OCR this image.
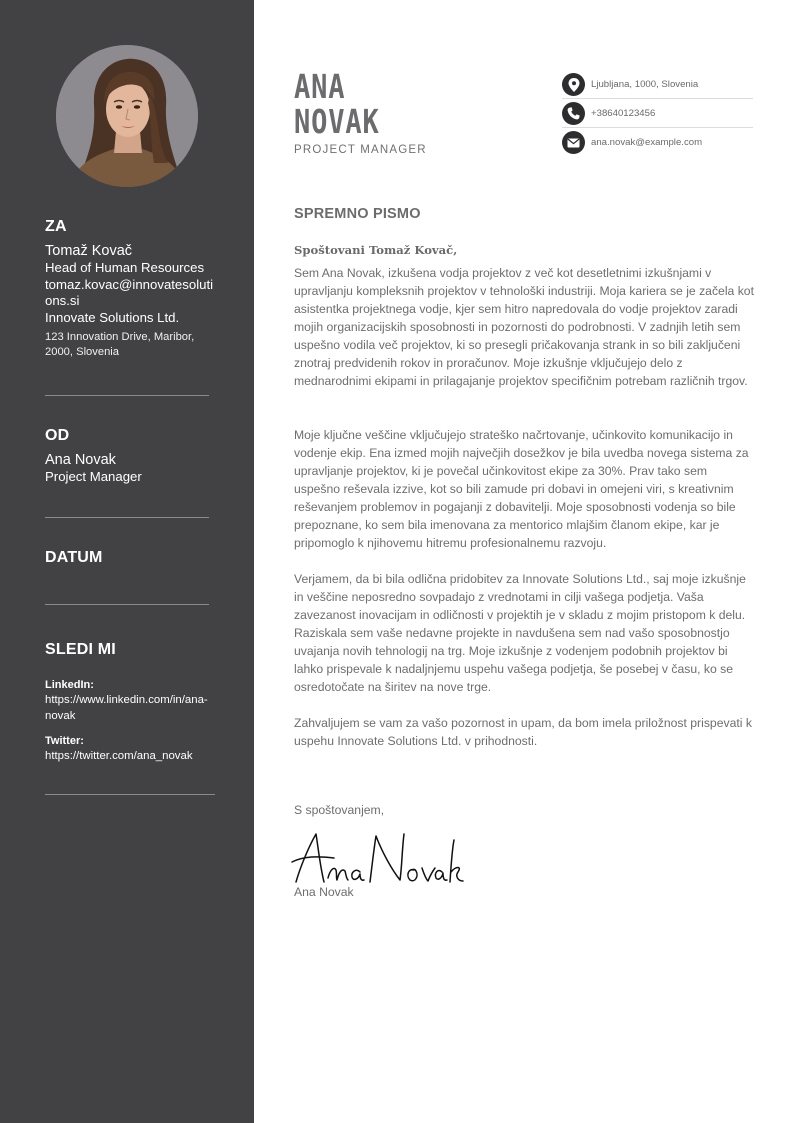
ZA
Tomaž Kovač
Head of Human Resources
tomaz.kovac@innovatesolutions.si
Innovate Solutions Ltd.
123 Innovation Drive, Maribor, 2000, Slovenia
OD
Ana Novak
Project Manager
DATUM
SLEDI MI
LinkedIn:
https://www.linkedin.com/in/ana-novak
Twitter:
https://twitter.com/ana_novak
ANA
NOVAK
PROJECT MANAGER
Ljubljana, 1000, Slovenia
+38640123456
ana.novak@example.com
SPREMNO PISMO
Spoštovani Tomaž Kovač,

Sem Ana Novak, izkušena vodja projektov z več kot desetletnimi izkušnjami v upravljanju kompleksnih projektov v tehnološki industriji. Moja kariera se je začela kot asistentka projektnega vodje, kjer sem hitro napredovala do vodje projektov zaradi mojih organizacijskih sposobnosti in pozornosti do podrobnosti. V zadnjih letih sem uspešno vodila več projektov, ki so presegli pričakovanja strank in so bili zaključeni znotraj predvidenih rokov in proračunov. Moje izkušnje vključujejo delo z mednarodnimi ekipami in prilagajanje projektov specifičnim potrebam različnih trgov.

Moje ključne veščine vključujejo strateško načrtovanje, učinkovito komunikacijo in vodenje ekip. Ena izmed mojih največjih dosežkov je bila uvedba novega sistema za upravljanje projektov, ki je povečal učinkovitost ekipe za 30%. Prav tako sem uspešno reševala izzive, kot so bili zamude pri dobavi in omejeni viri, s kreativnim reševanjem problemov in pogajanji z dobavitelji. Moje sposobnosti vodenja so bile prepoznane, ko sem bila imenovana za mentorico mlajšim članom ekipe, kar je pripomoglo k njihovemu hitremu profesionalnemu razvoju.

Verjamem, da bi bila odlična pridobitev za Innovate Solutions Ltd., saj moje izkušnje in veščine neposredno sovpadajo z vrednotami in cilji vašega podjetja. Vaša zavezanost inovacijam in odličnosti v projektih je v skladu z mojim pristopom k delu. Raziskala sem vaše nedavne projekte in navdušena sem nad vašo sposobnostjo uvajanja novih tehnologij na trg. Moje izkušnje z vodenjem podobnih projektov bi lahko prispevale k nadaljnjemu uspehu vašega podjetja, še posebej v času, ko se osredotočate na širitev na nove trge.

Zahvaljujem se vam za vašo pozornost in upam, da bom imela priložnost prispevati k uspehu Innovate Solutions Ltd. v prihodnosti.

S spoštovanjem,
Ana Novak
